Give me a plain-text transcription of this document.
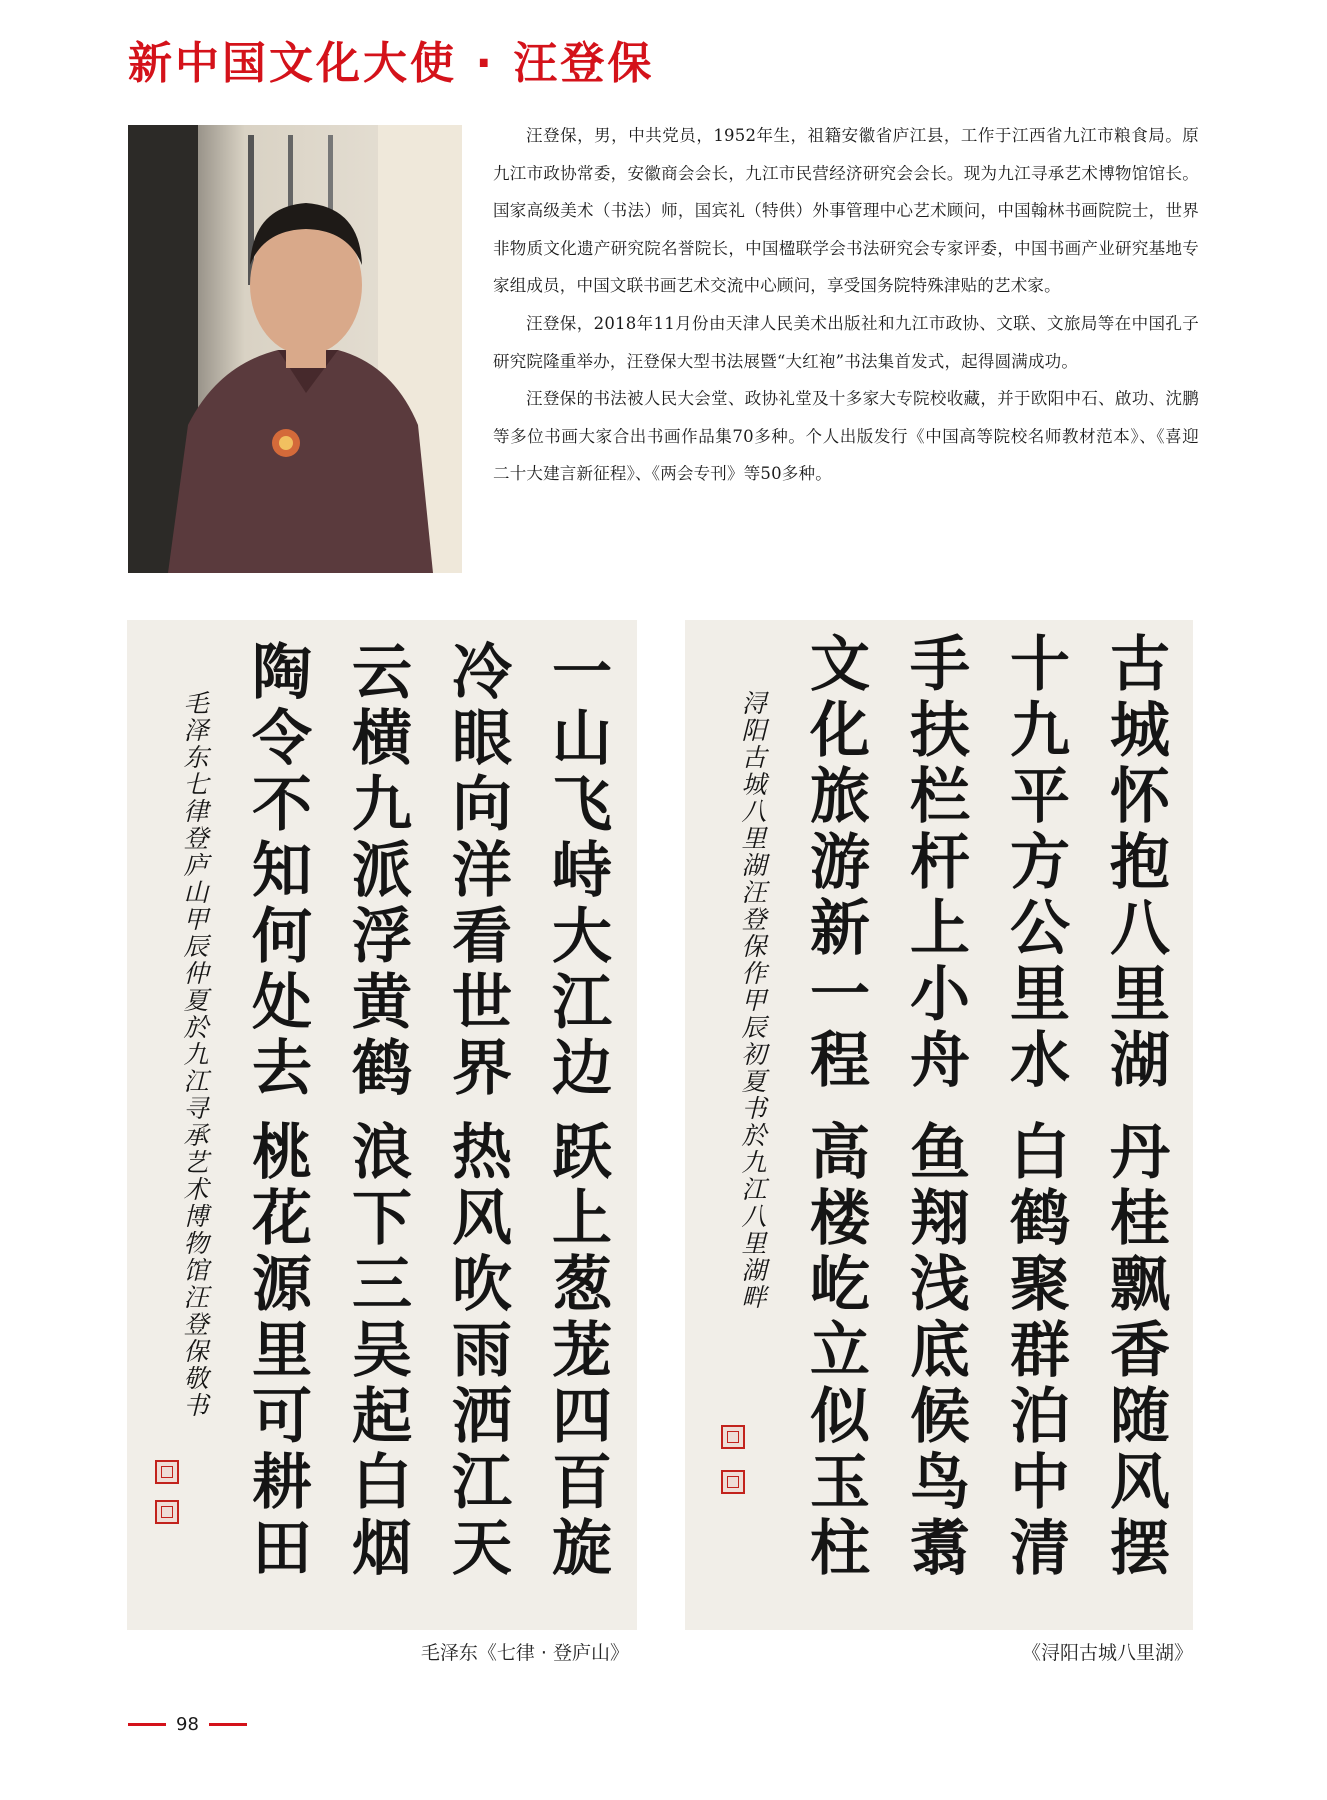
新中国文化大使 · 汪登保

汪登保，男，中共党员，1952年生，祖籍安徽省庐江县，工作于江西省九江市粮食局。原九江市政协常委，安徽商会会长，九江市民营经济研究会会长。现为九江寻承艺术博物馆馆长。国家高级美术（书法）师，国宾礼（特供）外事管理中心艺术顾问，中国翰林书画院院士，世界非物质文化遗产研究院名誉院长，中国楹联学会书法研究会专家评委，中国书画产业研究基地专家组成员，中国文联书画艺术交流中心顾问，享受国务院特殊津贴的艺术家。

汪登保，2018年11月份由天津人民美术出版社和九江市政协、文联、文旅局等在中国孔子研究院隆重举办，汪登保大型书法展暨“大红袍”书法集首发式，起得圆满成功。

汪登保的书法被人民大会堂、政协礼堂及十多家大专院校收藏，并于欧阳中石、啟功、沈鹏等多位书画大家合出书画作品集70多种。个人出版发行《中国高等院校名师教材范本》、《喜迎二十大建言新征程》、《两会专刊》等50多种。

一山飞峙大江边
跃上葱茏四百旋
冷眼向洋看世界
热风吹雨洒江天
云横九派浮黄鹤
浪下三吴起白烟
陶令不知何处去
桃花源里可耕田
毛泽东七律登庐山甲辰仲夏於九江寻承艺术博物馆汪登保敬书	古城怀抱八里湖
丹桂飘香随风摆
十九平方公里水
白鹤聚群泊中清
手扶栏杆上小舟
鱼翔浅底候鸟翥
文化旅游新一程
高楼屹立似玉柱
浔阳古城八里湖汪登保作甲辰初夏书於九江八里湖畔
毛泽东《七律 · 登庐山》	《浔阳古城八里湖》
98
